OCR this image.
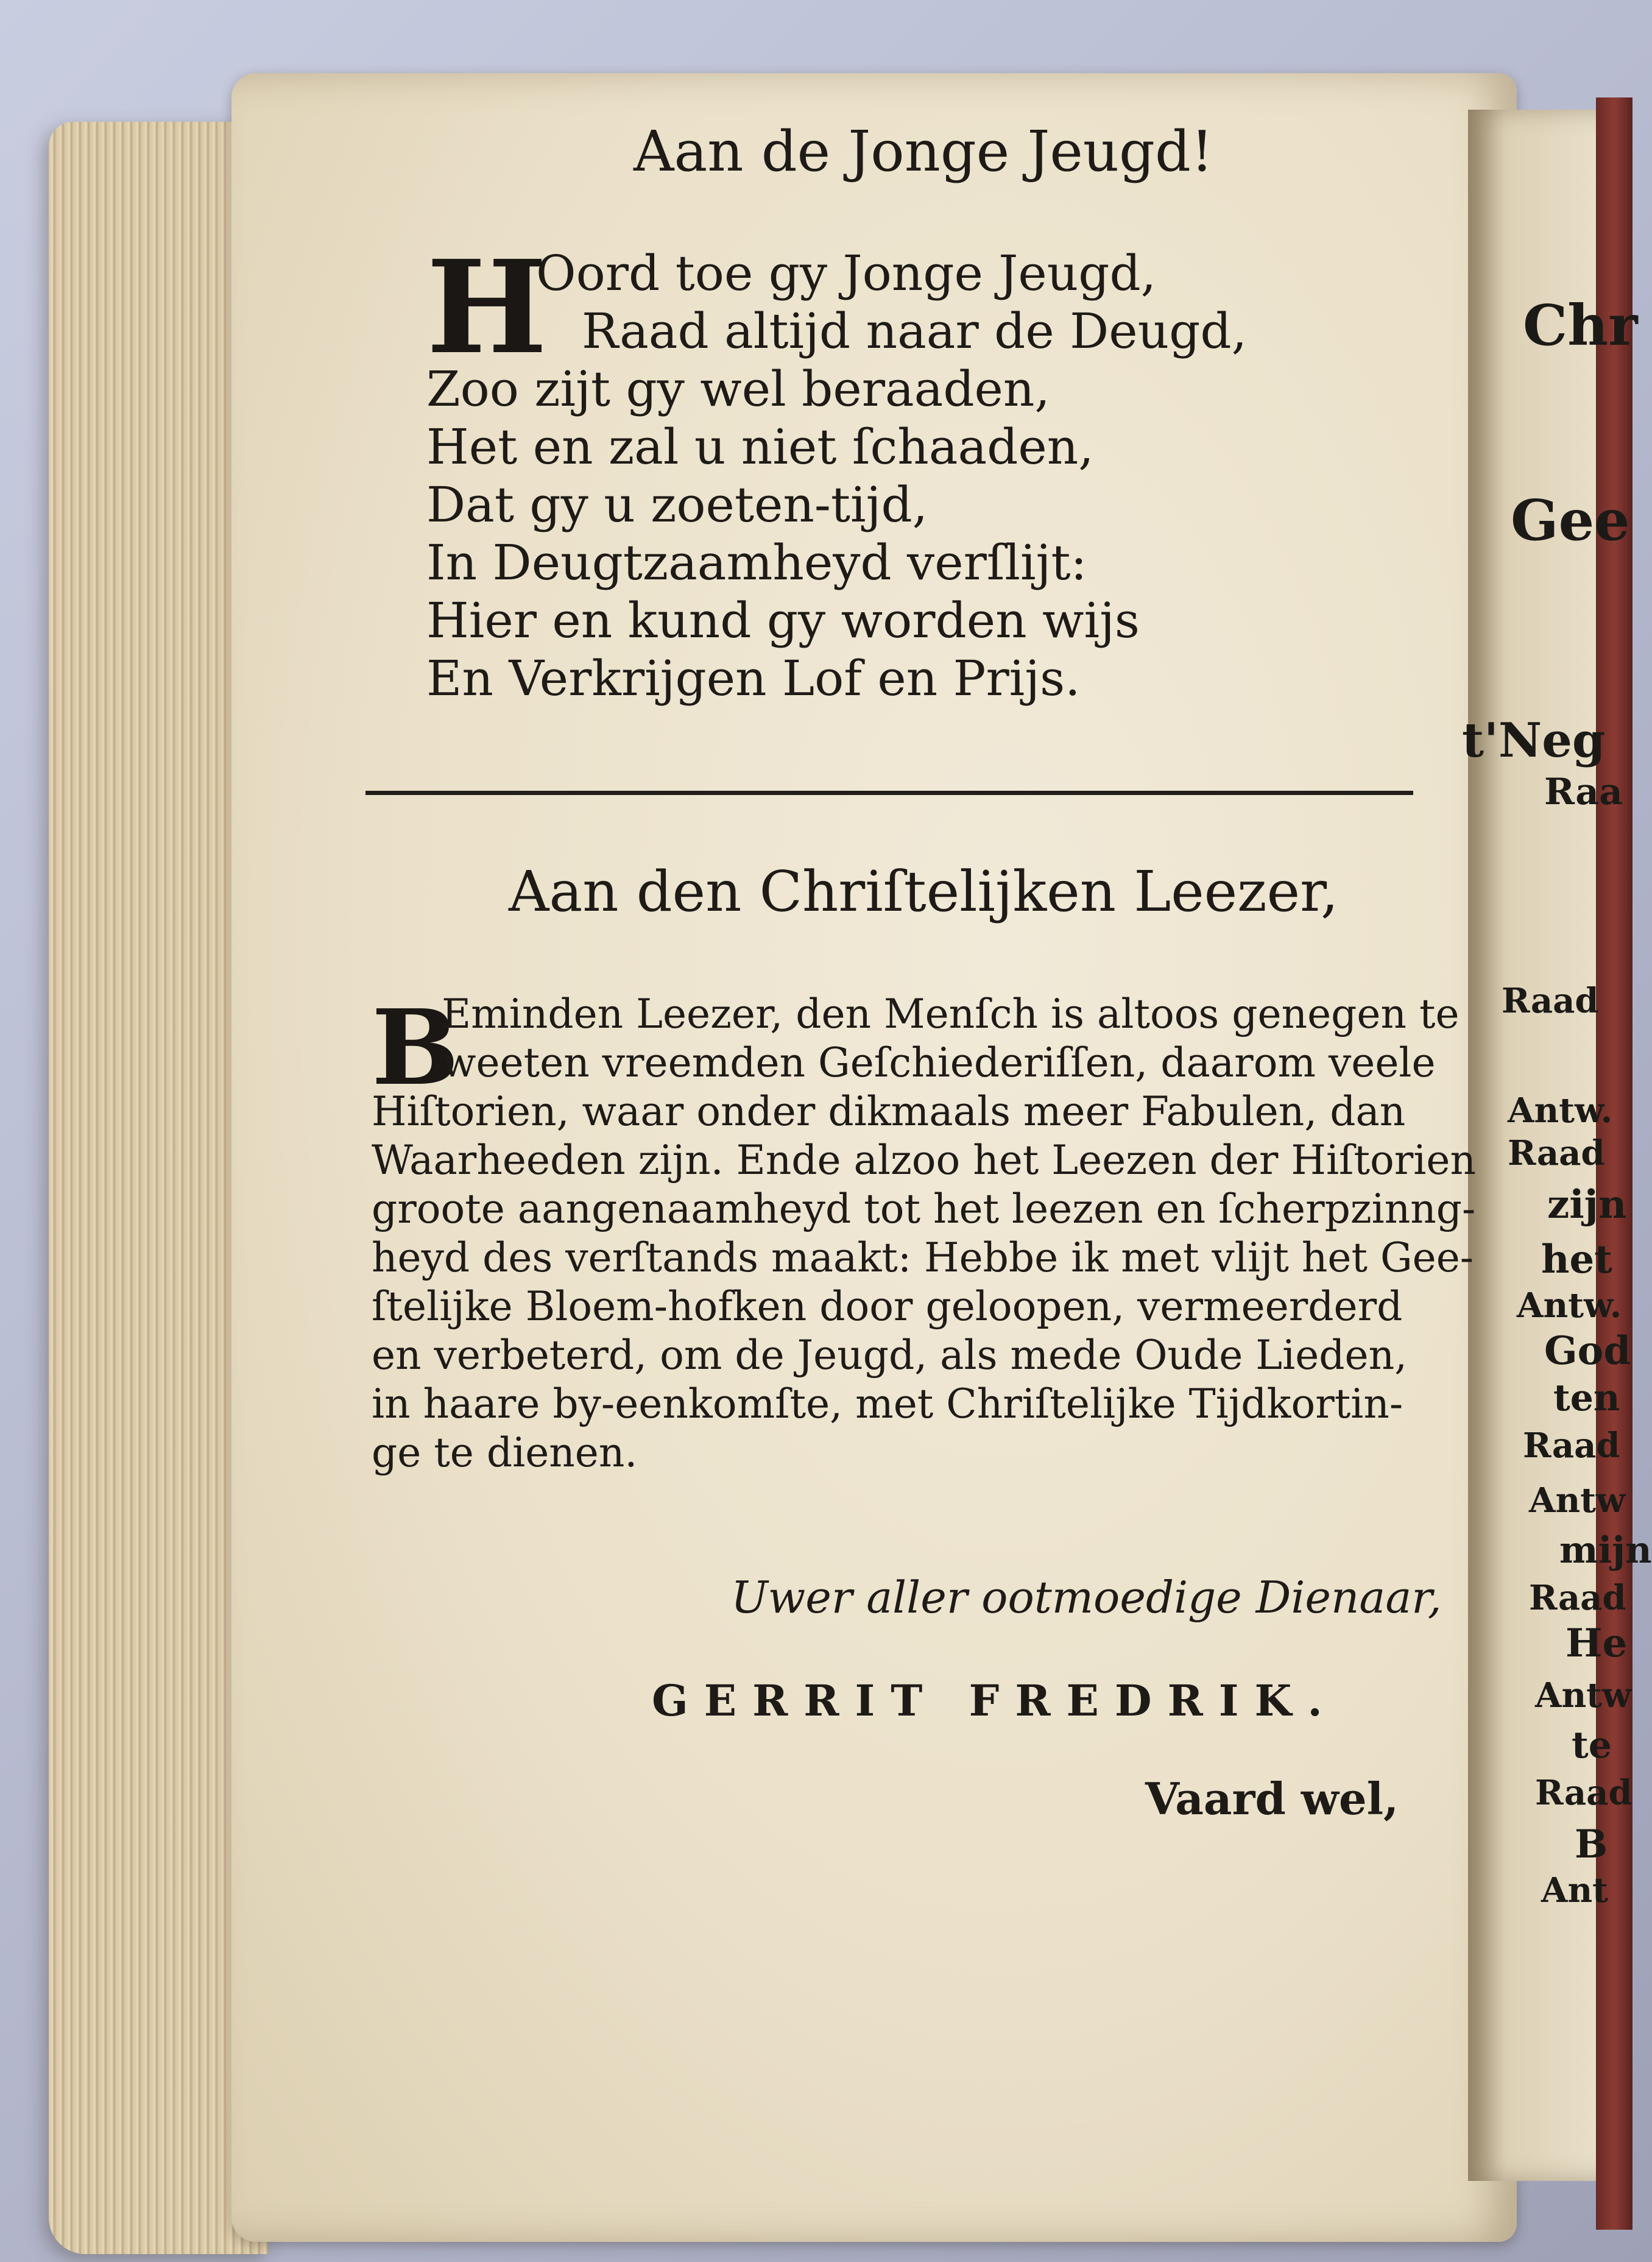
Aan de Jonge Jeugd!
H
Oord toe gy Jonge Jeugd,
Raad altijd naar de Deugd,
Zoo zijt gy wel beraaden,
Het en zal u niet ſchaaden,
Dat gy u zoeten-tijd,
In Deugtzaamheyd verſlijt:
Hier en kund gy worden wijs
En Verkrijgen Lof en Prijs.
Aan den Chriſtelijken Leezer,
B
Eminden Leezer, den Menſch is altoos genegen te
weeten vreemden Geſchiederiſſen, daarom veele
Hiſtorien, waar onder dikmaals meer Fabulen, dan
Waarheeden zijn. Ende alzoo het Leezen der Hiſtorien
groote aangenaamheyd tot het leezen en ſcherpzinng-
heyd des verſtands maakt: Hebbe ik met vlijt het Gee-
ſtelijke Bloem-hofken door geloopen, vermeerderd
en verbeterd, om de Jeugd, als mede Oude Lieden,
in haare by-eenkomſte, met Chriſtelijke Tijdkortin-
ge te dienen.
Uwer aller ootmoedige Dienaar,
GERRIT FREDRIK.
Vaard wel,
Chr
Gee
t'Neg
Raa
Raad
Antw.
Raad
zijn
het
Antw.
God
ten
Raad
Antw
mijn
Raad
He
Antw
te
Raad
B
Ant
